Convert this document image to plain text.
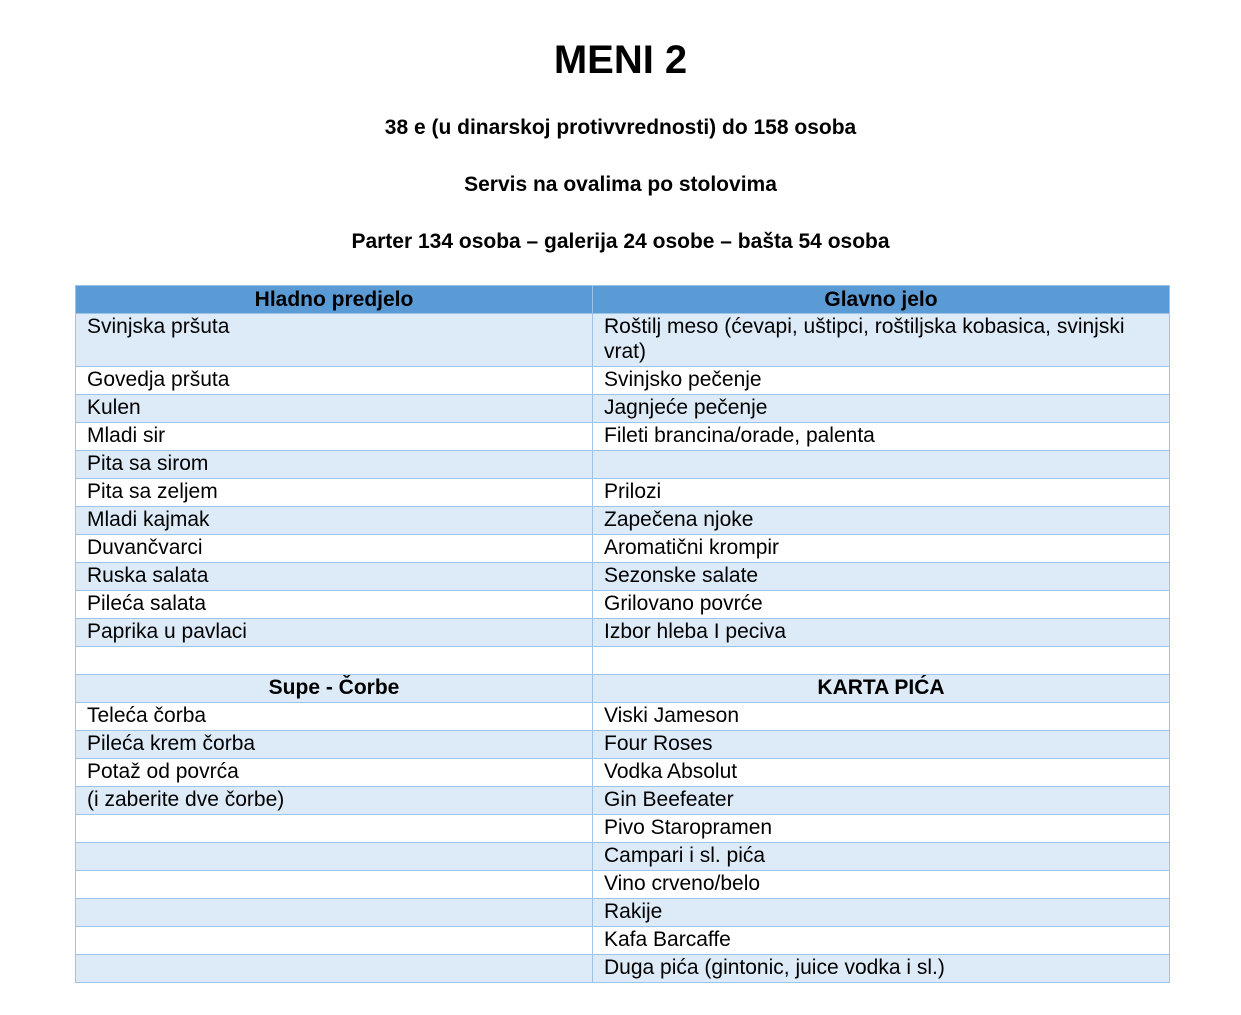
MENI 2

38 e (u dinarskoj protivvrednosti) do 158 osoba

Servis na ovalima po stolovima

Parter 134 osoba – galerija 24 osobe – bašta 54 osoba

Hladno predjelo	Glavno jelo
Svinjska pršuta	Roštilj meso (ćevapi, uštipci, roštiljska kobasica, svinjski vrat)
Govedja pršuta	Svinjsko pečenje
Kulen	Jagnjeće pečenje
Mladi sir	Fileti brancina/orade, palenta
Pita sa sirom	
Pita sa zeljem	Prilozi
Mladi kajmak	Zapečena njoke
Duvančvarci	Aromatični krompir
Ruska salata	Sezonske salate
Pileća salata	Grilovano povrće
Paprika u pavlaci	Izbor hleba I peciva

Supe - Čorbe	KARTA PIĆA
Teleća čorba	Viski Jameson
Pileća krem čorba	Four Roses
Potaž od povrća	Vodka Absolut
(i zaberite dve čorbe)	Gin Beefeater
	Pivo Staropramen
	Campari i sl. pića
	Vino crveno/belo
	Rakije
	Kafa Barcaffe
	Duga pića (gintonic, juice vodka i sl.)
